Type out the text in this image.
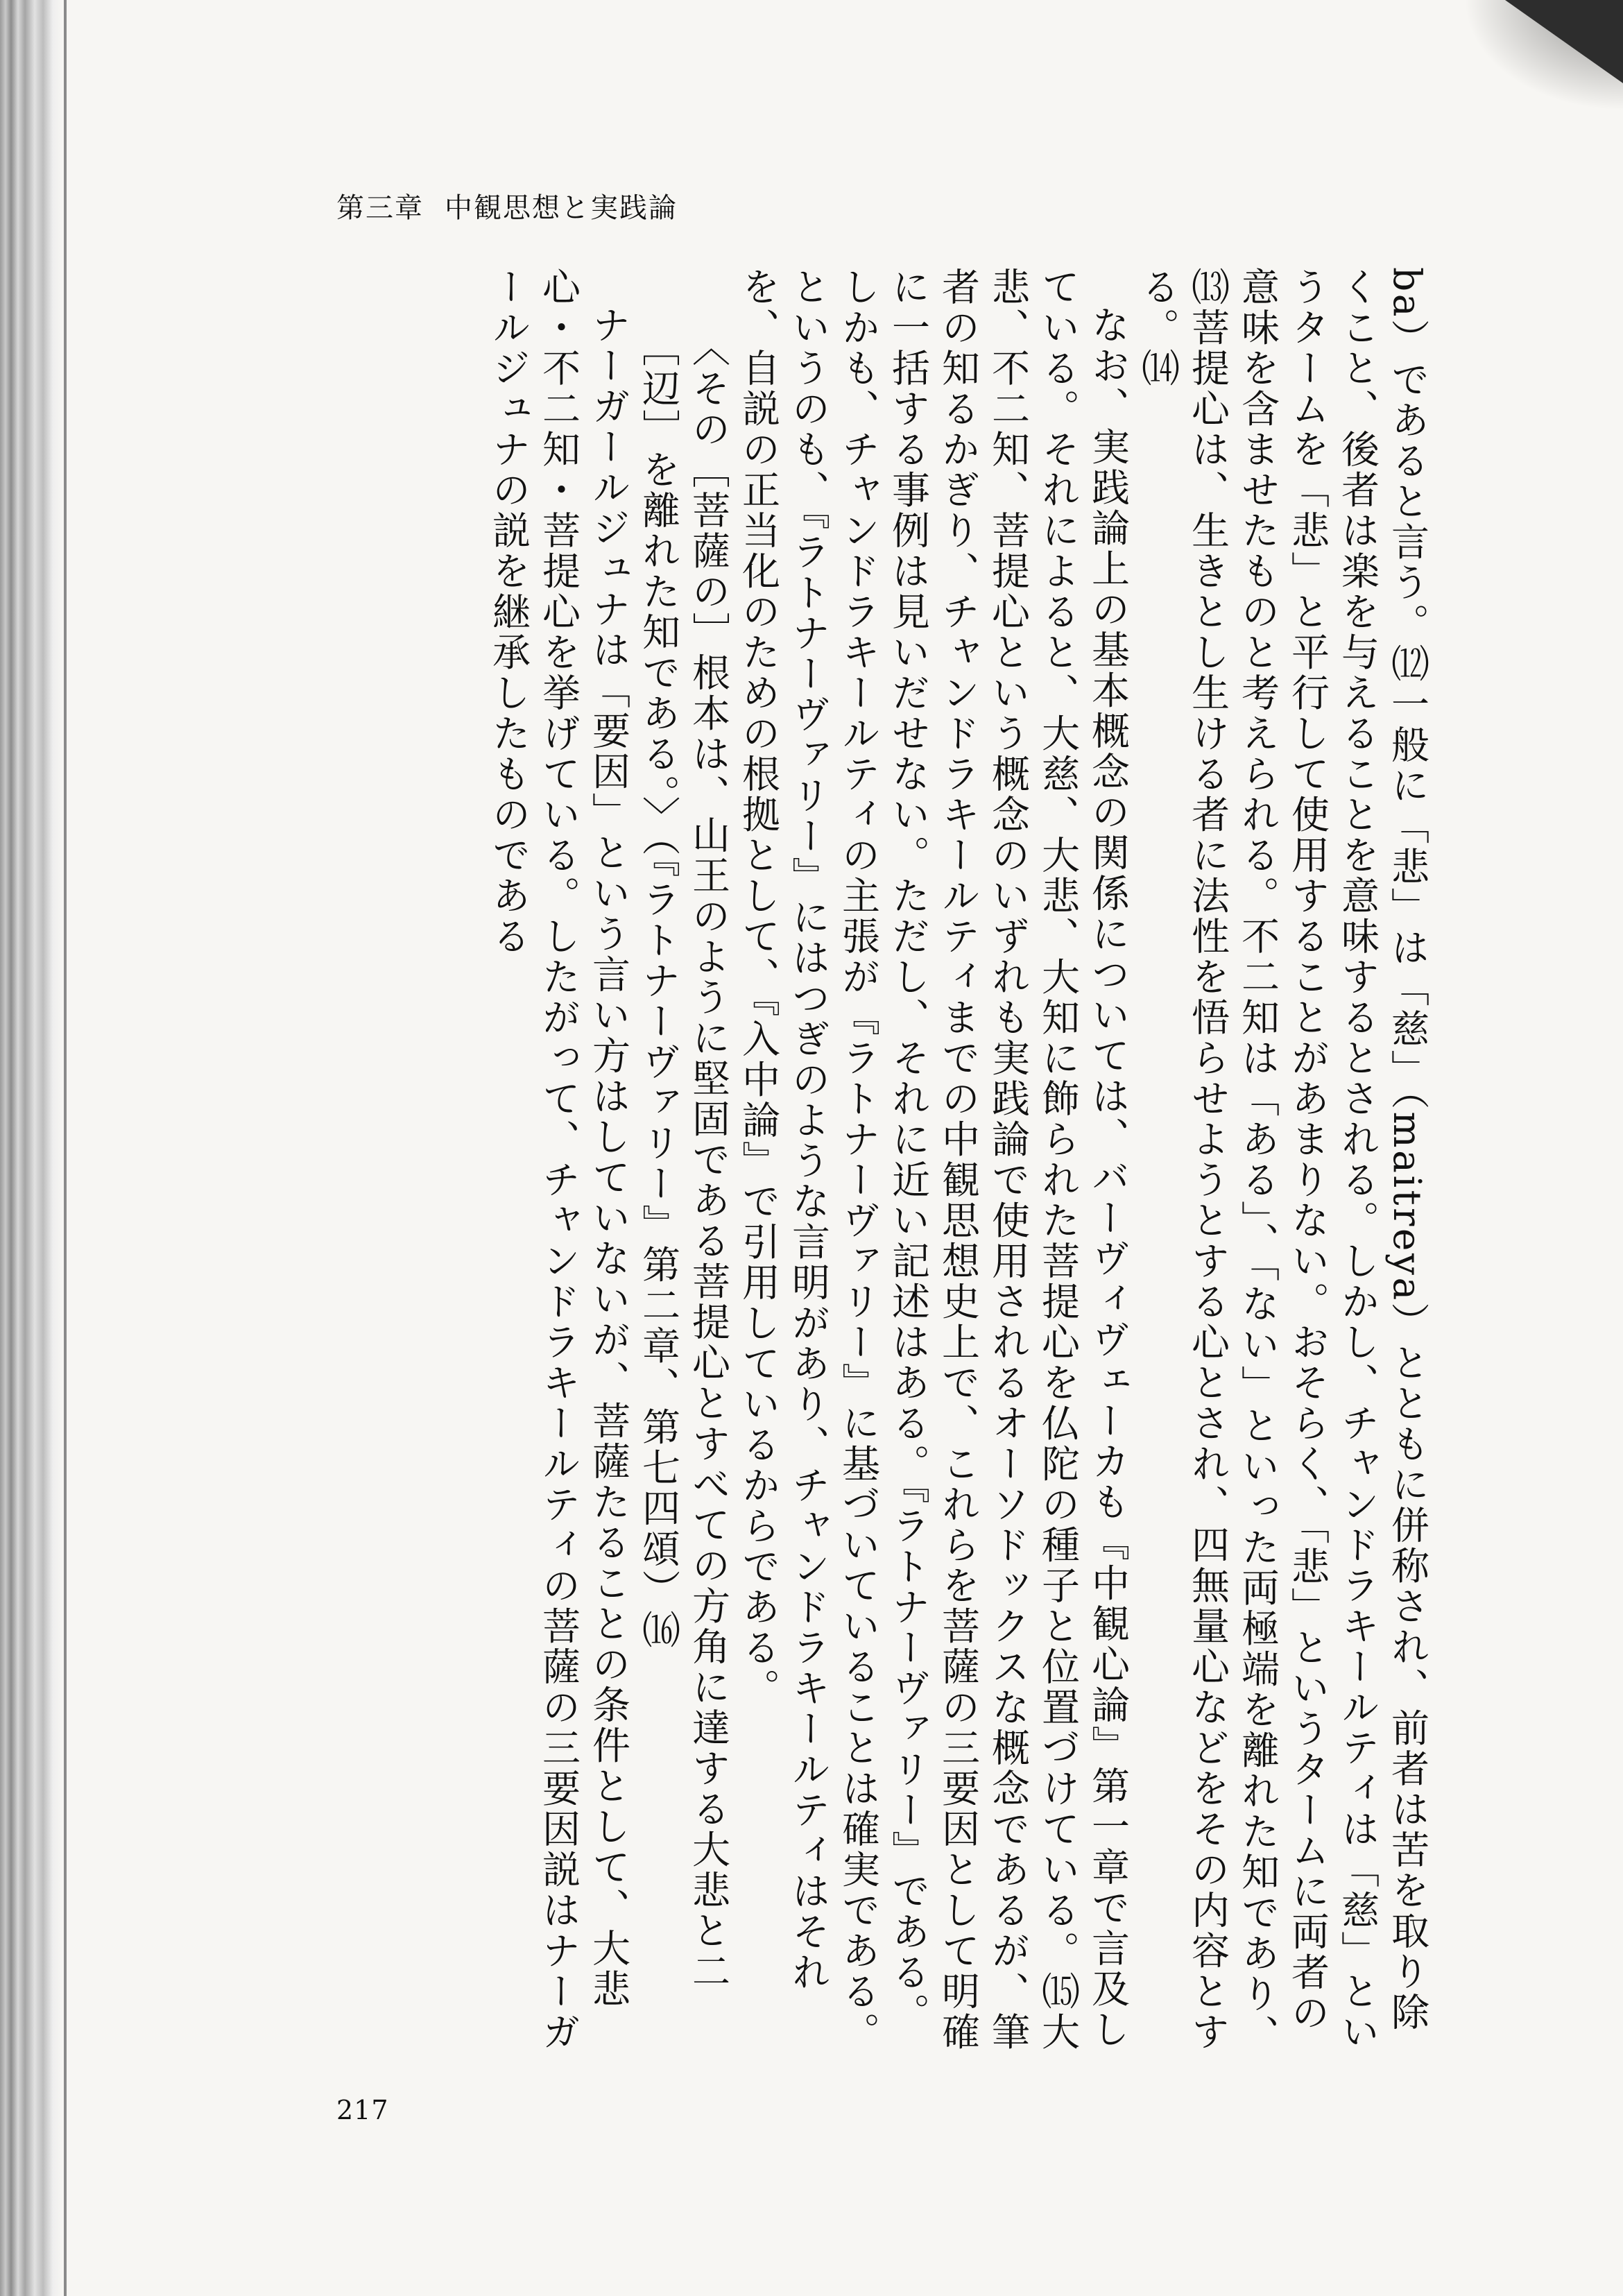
第三章 中観思想と実践論

ba）であると言う。⑿一般に「悲」は「慈」（maitreya）とともに併称され、前者は苦を取り除くこと、後者は楽を与えることを意味するとされる。しかし、チャンドラキールティは「慈」というタームを「悲」と平行して使用することがあまりない。おそらく、「悲」というタームに両者の意味を含ませたものと考えられる。不二知は「ある」、「ない」といった両極端を離れた知であり、⒀菩提心は、生きとし生ける者に法性を悟らせようとする心とされ、四無量心などをその内容とする。⒁

なお、実践論上の基本概念の関係については、バーヴィヴェーカも『中観心論』第一章で言及している。それによると、大慈、大悲、大知に飾られた菩提心を仏陀の種子と位置づけている。⒂大悲、不二知、菩提心という概念のいずれも実践論で使用されるオーソドックスな概念であるが、筆者の知るかぎり、チャンドラキールティまでの中観思想史上で、これらを菩薩の三要因として明確に一括する事例は見いだせない。ただし、それに近い記述はある。『ラトナーヴァリー』である。しかも、チャンドラキールティの主張が『ラトナーヴァリー』に基づいていることは確実である。というのも、『ラトナーヴァリー』にはつぎのような言明があり、チャンドラキールティはそれを、自説の正当化のための根拠として、『入中論』で引用しているからである。

〈その［菩薩の］根本は、山王のように堅固である菩提心とすべての方角に達する大悲と二［辺］を離れた知である。〉（『ラトナーヴァリー』第二章、第七四頌）⒃

ナーガールジュナは「要因」という言い方はしていないが、菩薩たることの条件として、大悲心・不二知・菩提心を挙げている。したがって、チャンドラキールティの菩薩の三要因説はナーガールジュナの説を継承したものである

217
